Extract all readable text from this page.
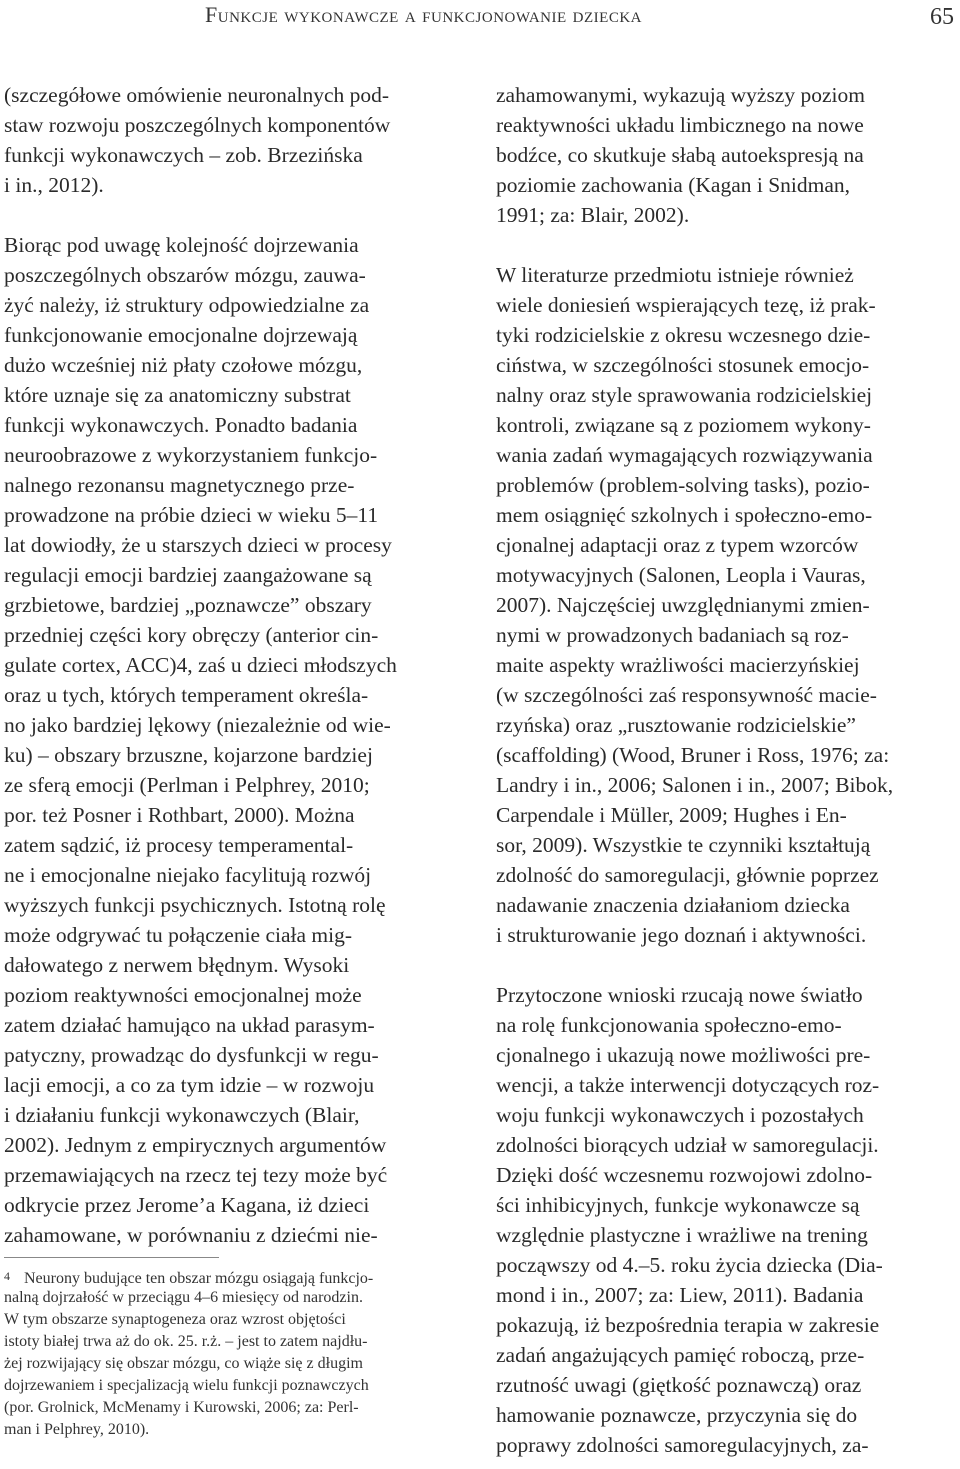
Funkcje wykonawcze a funkcjonowanie dziecka	65
(szczegółowe omówienie neuronalnych pod-
staw rozwoju poszczególnych komponentów
funkcji wykonawczych – zob. Brzezińska
i in., 2012).
Biorąc pod uwagę kolejność dojrzewania
poszczególnych obszarów mózgu, zauwa-
żyć należy, iż struktury odpowiedzialne za
funkcjonowanie emocjonalne dojrzewają
dużo wcześniej niż płaty czołowe mózgu,
które uznaje się za anatomiczny substrat
funkcji wykonawczych. Ponadto badania
neuroobrazowe z wykorzystaniem funkcjo-
nalnego rezonansu magnetycznego prze-
prowadzone na próbie dzieci w wieku 5–11
lat dowiodły, że u starszych dzieci w procesy
regulacji emocji bardziej zaangażowane są
grzbietowe, bardziej „poznawcze” obszary
przedniej części kory obręczy (anterior cin-
gulate cortex, ACC)4, zaś u dzieci młodszych
oraz u tych, których temperament określa-
no jako bardziej lękowy (niezależnie od wie-
ku) – obszary brzuszne, kojarzone bardziej
ze sferą emocji (Perlman i Pelphrey, 2010;
por. też Posner i Rothbart, 2000). Można
zatem sądzić, iż procesy temperamental-
ne i emocjonalne niejako facylitują rozwój
wyższych funkcji psychicznych. Istotną rolę
może odgrywać tu połączenie ciała mig-
dałowatego z nerwem błędnym. Wysoki
poziom reaktywności emocjonalnej może
zatem działać hamująco na układ parasym-
patyczny, prowadząc do dysfunkcji w regu-
lacji emocji, a co za tym idzie – w rozwoju
i działaniu funkcji wykonawczych (Blair,
2002). Jednym z empirycznych argumentów
przemawiających na rzecz tej tezy może być
odkrycie przez Jerome’a Kagana, iż dzieci
zahamowane, w porównaniu z dziećmi nie-
zahamowanymi, wykazują wyższy poziom
reaktywności układu limbicznego na nowe
bodźce, co skutkuje słabą autoekspresją na
poziomie zachowania (Kagan i Snidman,
1991; za: Blair, 2002).
W literaturze przedmiotu istnieje również
wiele doniesień wspierających tezę, iż prak-
tyki rodzicielskie z okresu wczesnego dzie-
ciństwa, w szczególności stosunek emocjo-
nalny oraz style sprawowania rodzicielskiej
kontroli, związane są z poziomem wykony-
wania zadań wymagających rozwiązywania
problemów (problem-solving tasks), pozio-
mem osiągnięć szkolnych i społeczno-emo-
cjonalnej adaptacji oraz z typem wzorców
motywacyjnych (Salonen, Leopla i Vauras,
2007). Najczęściej uwzględnianymi zmien-
nymi w prowadzonych badaniach są roz-
maite aspekty wrażliwości macierzyńskiej
(w szczególności zaś responsywność macie-
rzyńska) oraz „rusztowanie rodzicielskie”
(scaffolding) (Wood, Bruner i Ross, 1976; za:
Landry i in., 2006; Salonen i in., 2007; Bibok,
Carpendale i Müller, 2009; Hughes i En-
sor, 2009). Wszystkie te czynniki kształtują
zdolność do samoregulacji, głównie poprzez
nadawanie znaczenia działaniom dziecka
i strukturowanie jego doznań i aktywności.
Przytoczone wnioski rzucają nowe światło
na rolę funkcjonowania społeczno-emo-
cjonalnego i ukazują nowe możliwości pre-
wencji, a także interwencji dotyczących roz-
woju funkcji wykonawczych i pozostałych
zdolności biorących udział w samoregulacji.
Dzięki dość wczesnemu rozwojowi zdolno-
ści inhibicyjnych, funkcje wykonawcze są
względnie plastyczne i wrażliwe na trening
począwszy od 4.–5. roku życia dziecka (Dia-
mond i in., 2007; za: Liew, 2011). Badania
pokazują, iż bezpośrednia terapia w zakresie
zadań angażujących pamięć roboczą, prze-
rzutność uwagi (giętkość poznawczą) oraz
hamowanie poznawcze, przyczynia się do
poprawy zdolności samoregulacyjnych, za-
4 Neurony budujące ten obszar mózgu osiągają funkcjo-
nalną dojrzałość w przeciągu 4–6 miesięcy od narodzin.
W tym obszarze synaptogeneza oraz wzrost objętości
istoty białej trwa aż do ok. 25. r.ż. – jest to zatem najdłu-
żej rozwijający się obszar mózgu, co wiąże się z długim
dojrzewaniem i specjalizacją wielu funkcji poznawczych
(por. Grolnick, McMenamy i Kurowski, 2006; za: Perl-
man i Pelphrey, 2010).
